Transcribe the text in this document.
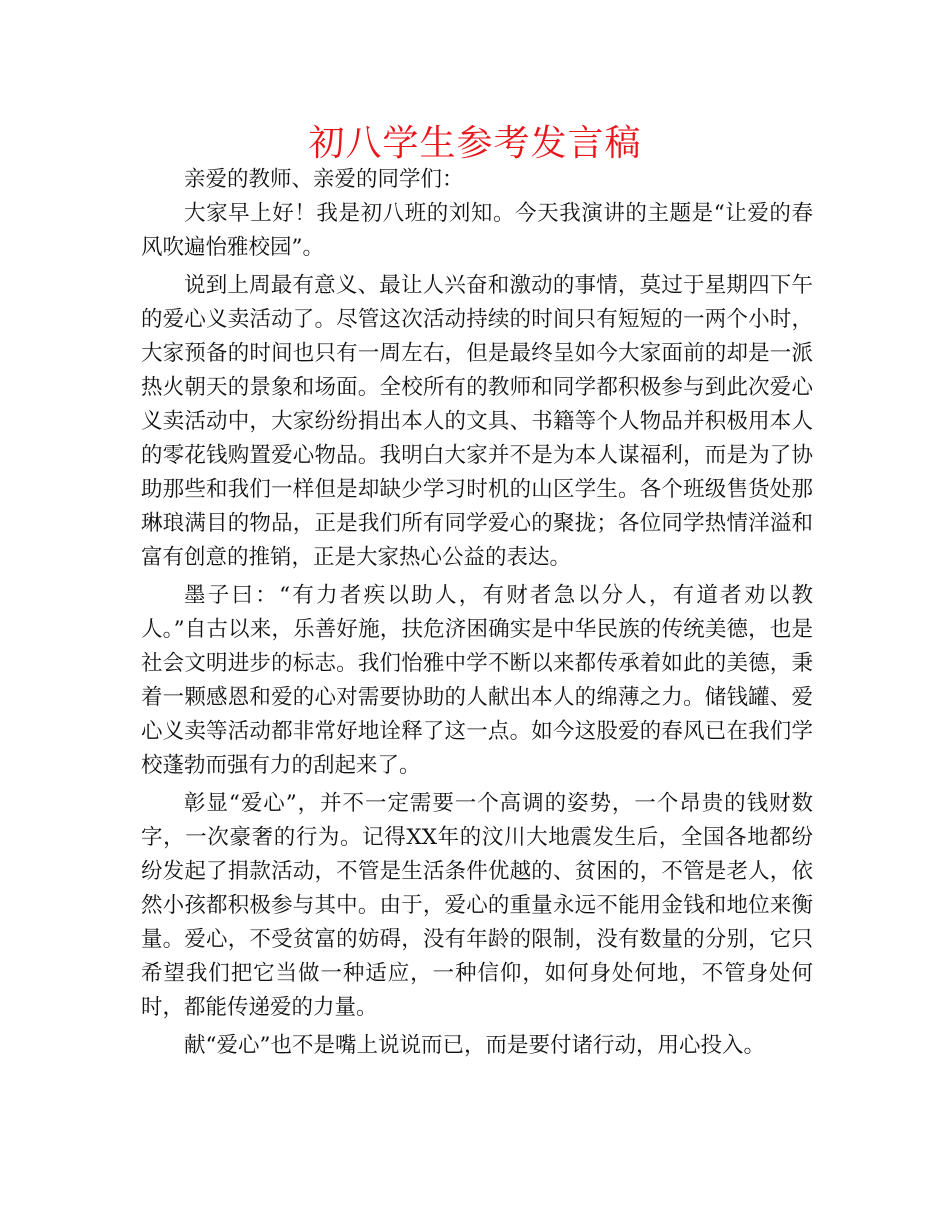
初八学生参考发言稿

亲爱的教师、亲爱的同学们：

大家早上好！我是初八班的刘知。今天我演讲的主题是“让爱的春风吹遍怡雅校园”。

说到上周最有意义、最让人兴奋和激动的事情，莫过于星期四下午的爱心义卖活动了。尽管这次活动持续的时间只有短短的一两个小时，大家预备的时间也只有一周左右，但是最终呈如今大家面前的却是一派热火朝天的景象和场面。全校所有的教师和同学都积极参与到此次爱心义卖活动中，大家纷纷捐出本人的文具、书籍等个人物品并积极用本人的零花钱购置爱心物品。我明白大家并不是为本人谋福利，而是为了协助那些和我们一样但是却缺少学习时机的山区学生。各个班级售货处那琳琅满目的物品，正是我们所有同学爱心的聚拢；各位同学热情洋溢和富有创意的推销，正是大家热心公益的表达。

墨子曰：“有力者疾以助人，有财者急以分人，有道者劝以教人。”自古以来，乐善好施，扶危济困确实是中华民族的传统美德，也是社会文明进步的标志。我们怡雅中学不断以来都传承着如此的美德，秉着一颗感恩和爱的心对需要协助的人献出本人的绵薄之力。储钱罐、爱心义卖等活动都非常好地诠释了这一点。如今这股爱的春风已在我们学校蓬勃而强有力的刮起来了。

彰显“爱心”，并不一定需要一个高调的姿势，一个昂贵的钱财数字，一次豪奢的行为。记得XX年的汶川大地震发生后，全国各地都纷纷发起了捐款活动，不管是生活条件优越的、贫困的，不管是老人，依然小孩都积极参与其中。由于，爱心的重量永远不能用金钱和地位来衡量。爱心，不受贫富的妨碍，没有年龄的限制，没有数量的分别，它只希望我们把它当做一种适应，一种信仰，如何身处何地，不管身处何时，都能传递爱的力量。

献“爱心”也不是嘴上说说而已，而是要付诸行动，用心投入。
